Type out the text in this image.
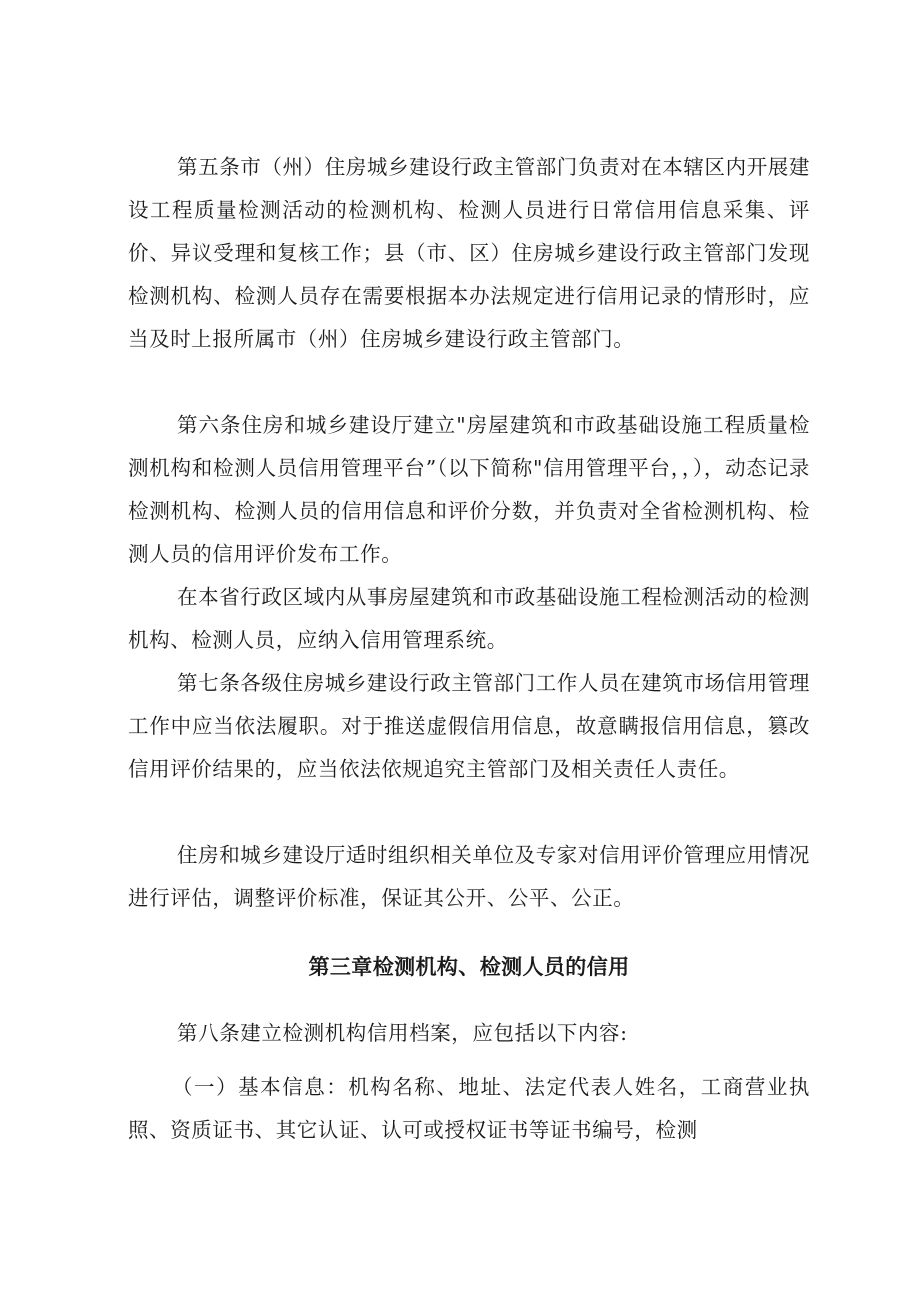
第五条市（州）住房城乡建设行政主管部门负责对在本辖区内开展建设工程质量检测活动的检测机构、检测人员进行日常信用信息采集、评价、异议受理和复核工作；县（市、区）住房城乡建设行政主管部门发现检测机构、检测人员存在需要根据本办法规定进行信用记录的情形时，应当及时上报所属市（州）住房城乡建设行政主管部门。

第六条住房和城乡建设厅建立"房屋建筑和市政基础设施工程质量检测机构和检测人员信用管理平台”（以下简称"信用管理平台，，），动态记录检测机构、检测人员的信用信息和评价分数，并负责对全省检测机构、检测人员的信用评价发布工作。

在本省行政区域内从事房屋建筑和市政基础设施工程检测活动的检测机构、检测人员，应纳入信用管理系统。

第七条各级住房城乡建设行政主管部门工作人员在建筑市场信用管理工作中应当依法履职。对于推送虚假信用信息，故意瞒报信用信息，篡改信用评价结果的，应当依法依规追究主管部门及相关责任人责任。

住房和城乡建设厅适时组织相关单位及专家对信用评价管理应用情况进行评估，调整评价标准，保证其公开、公平、公正。

第三章检测机构、检测人员的信用

第八条建立检测机构信用档案，应包括以下内容:

（一）基本信息：机构名称、地址、法定代表人姓名，工商营业执照、资质证书、其它认证、认可或授权证书等证书编号，检测
